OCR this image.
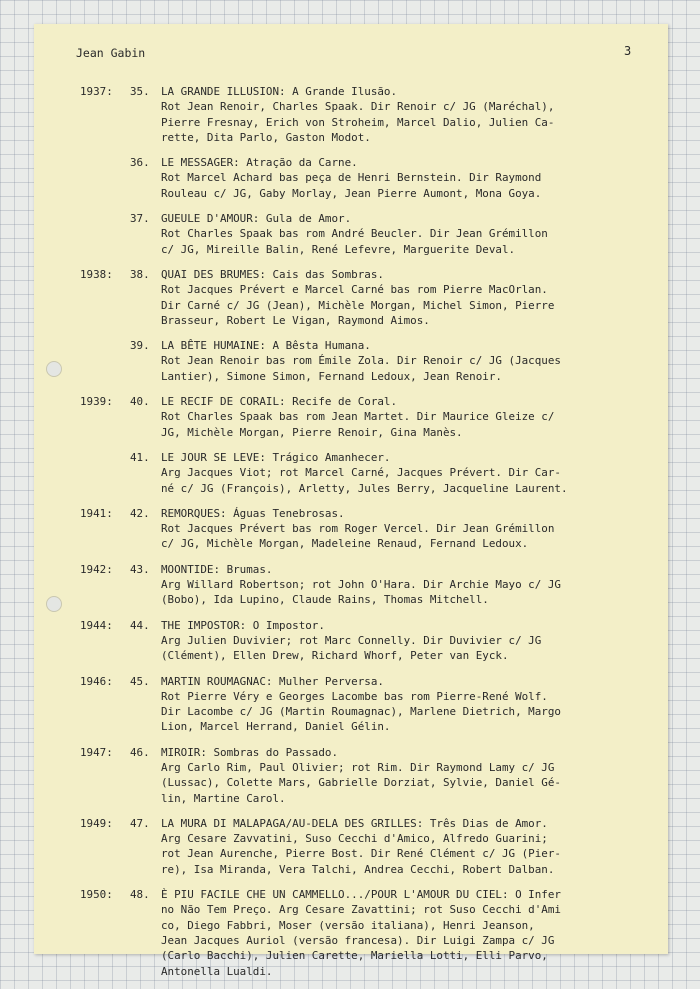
Jean Gabin	3
1937: 35. LA GRANDE ILLUSION: A Grande Ilusão.
Rot Jean Renoir, Charles Spaak. Dir Renoir c/ JG (Maréchal),
Pierre Fresnay, Erich von Stroheim, Marcel Dalio, Julien Ca-
rette, Dita Parlo, Gaston Modot.
36. LE MESSAGER: Atração da Carne.
Rot Marcel Achard bas peça de Henri Bernstein. Dir Raymond
Rouleau c/ JG, Gaby Morlay, Jean Pierre Aumont, Mona Goya.
37. GUEULE D'AMOUR: Gula de Amor.
Rot Charles Spaak bas rom André Beucler. Dir Jean Grémillon
c/ JG, Mireille Balin, René Lefevre, Marguerite Deval.
1938: 38. QUAI DES BRUMES: Cais das Sombras.
Rot Jacques Prévert e Marcel Carné bas rom Pierre MacOrlan.
Dir Carné c/ JG (Jean), Michèle Morgan, Michel Simon, Pierre
Brasseur, Robert Le Vigan, Raymond Aimos.
39. LA BÊTE HUMAINE: A Bêsta Humana.
Rot Jean Renoir bas rom Émile Zola. Dir Renoir c/ JG (Jacques
Lantier), Simone Simon, Fernand Ledoux, Jean Renoir.
1939: 40. LE RECIF DE CORAIL: Recife de Coral.
Rot Charles Spaak bas rom Jean Martet. Dir Maurice Gleize c/
JG, Michèle Morgan, Pierre Renoir, Gina Manès.
41. LE JOUR SE LEVE: Trágico Amanhecer.
Arg Jacques Viot; rot Marcel Carné, Jacques Prévert. Dir Car-
né c/ JG (François), Arletty, Jules Berry, Jacqueline Laurent.
1941: 42. REMORQUES: Águas Tenebrosas.
Rot Jacques Prévert bas rom Roger Vercel. Dir Jean Grémillon
c/ JG, Michèle Morgan, Madeleine Renaud, Fernand Ledoux.
1942: 43. MOONTIDE: Brumas.
Arg Willard Robertson; rot John O'Hara. Dir Archie Mayo c/ JG
(Bobo), Ida Lupino, Claude Rains, Thomas Mitchell.
1944: 44. THE IMPOSTOR: O Impostor.
Arg Julien Duvivier; rot Marc Connelly. Dir Duvivier c/ JG
(Clément), Ellen Drew, Richard Whorf, Peter van Eyck.
1946: 45. MARTIN ROUMAGNAC: Mulher Perversa.
Rot Pierre Véry e Georges Lacombe bas rom Pierre-René Wolf.
Dir Lacombe c/ JG (Martin Roumagnac), Marlene Dietrich, Margo
Lion, Marcel Herrand, Daniel Gélin.
1947: 46. MIROIR: Sombras do Passado.
Arg Carlo Rim, Paul Olivier; rot Rim. Dir Raymond Lamy c/ JG
(Lussac), Colette Mars, Gabrielle Dorziat, Sylvie, Daniel Gé-
lin, Martine Carol.
1949: 47. LA MURA DI MALAPAGA/AU-DELA DES GRILLES: Três Dias de Amor.
Arg Cesare Zavvatini, Suso Cecchi d'Amico, Alfredo Guarini;
rot Jean Aurenche, Pierre Bost. Dir René Clément c/ JG (Pier-
re), Isa Miranda, Vera Talchi, Andrea Cecchi, Robert Dalban.
1950: 48. È PIU FACILE CHE UN CAMMELLO.../POUR L'AMOUR DU CIEL: O Infer
no Não Tem Preço. Arg Cesare Zavattini; rot Suso Cecchi d'Ami
co, Diego Fabbri, Moser (versão italiana), Henri Jeanson,
Jean Jacques Auriol (versão francesa). Dir Luigi Zampa c/ JG
(Carlo Bacchi), Julien Carette, Mariella Lotti, Elli Parvo,
Antonella Lualdi.
